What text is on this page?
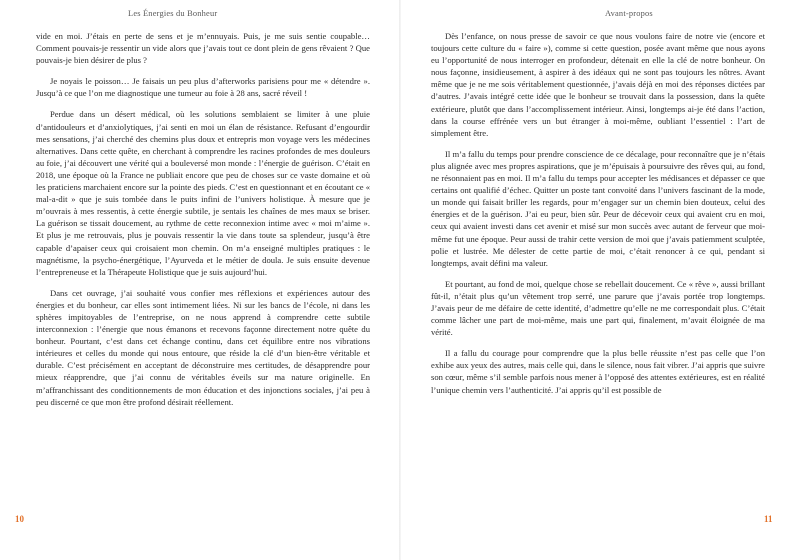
Les Énergies du Bonheur

vide en moi. J’étais en perte de sens et je m’ennuyais. Puis, je me suis sentie coupable… Comment pouvais-je ressentir un vide alors que j’avais tout ce dont plein de gens rêvaient ? Que pouvais-je bien désirer de plus ?

Je noyais le poisson… Je faisais un peu plus d’afterworks parisiens pour me « détendre ». Jusqu’à ce que l’on me diagnostique une tumeur au foie à 28 ans, sacré réveil !

Perdue dans un désert médical, où les solutions semblaient se limiter à une pluie d’antidouleurs et d’anxiolytiques, j’ai senti en moi un élan de résistance. Refusant d’engourdir mes sensations, j’ai cherché des chemins plus doux et entrepris mon voyage vers les médecines alternatives. Dans cette quête, en cherchant à comprendre les racines profondes de mes douleurs au foie, j’ai découvert une vérité qui a bouleversé mon monde : l’énergie de guérison. C’était en 2018, une époque où la France ne publiait encore que peu de choses sur ce vaste domaine et où les praticiens marchaient encore sur la pointe des pieds. C’est en questionnant et en écoutant ce « mal-a-dit » que je suis tombée dans le puits infini de l’univers holistique. À mesure que je m’ouvrais à mes ressentis, à cette énergie subtile, je sentais les chaînes de mes maux se briser. La guérison se tissait doucement, au rythme de cette reconnexion intime avec « moi m’aime ». Et plus je me retrouvais, plus je pouvais ressentir la vie dans toute sa splendeur, jusqu’à être capable d’apaiser ceux qui croisaient mon chemin. On m’a enseigné multiples pratiques : le magnétisme, la psycho-énergétique, l’Ayurveda et le métier de doula. Je suis ensuite devenue l’entrepreneuse et la Thérapeute Holistique que je suis aujourd’hui.

Dans cet ouvrage, j’ai souhaité vous confier mes réflexions et expériences autour des énergies et du bonheur, car elles sont intimement liées. Ni sur les bancs de l’école, ni dans les sphères impitoyables de l’entreprise, on ne nous apprend à comprendre cette subtile interconnexion : l’énergie que nous émanons et recevons façonne directement notre quête du bonheur. Pourtant, c’est dans cet échange continu, dans cet équilibre entre nos vibrations intérieures et celles du monde qui nous entoure, que réside la clé d’un bien-être véritable et durable. C’est précisément en acceptant de déconstruire mes certitudes, de désapprendre pour mieux réapprendre, que j’ai connu de véritables éveils sur ma nature originelle. En m’affranchissant des conditionnements de mon éducation et des injonctions sociales, j’ai peu à peu discerné ce que mon être profond désirait réellement.

10
Avant-propos

Dès l’enfance, on nous presse de savoir ce que nous voulons faire de notre vie (encore et toujours cette culture du « faire »), comme si cette question, posée avant même que nous ayons eu l’opportunité de nous interroger en profondeur, détenait en elle la clé de notre bonheur. On nous façonne, insidieusement, à aspirer à des idéaux qui ne sont pas toujours les nôtres. Avant même que je ne me sois véritablement questionnée, j’avais déjà en moi des réponses dictées par d’autres. J’avais intégré cette idée que le bonheur se trouvait dans la possession, dans la quête extérieure, plutôt que dans l’accomplissement intérieur. Ainsi, longtemps ai-je été dans l’action, dans la course effrénée vers un but étranger à moi-même, oubliant l’essentiel : l’art de simplement être.

Il m’a fallu du temps pour prendre conscience de ce décalage, pour reconnaître que je n’étais plus alignée avec mes propres aspirations, que je m’épuisais à poursuivre des rêves qui, au fond, ne résonnaient pas en moi. Il m’a fallu du temps pour accepter les médisances et dépasser ce que certains ont qualifié d’échec. Quitter un poste tant convoité dans l’univers fascinant de la mode, un monde qui faisait briller les regards, pour m’engager sur un chemin bien douteux, celui des énergies et de la guérison. J’ai eu peur, bien sûr. Peur de décevoir ceux qui avaient cru en moi, ceux qui avaient investi dans cet avenir et misé sur mon succès avec autant de ferveur que moi-même fut une époque. Peur aussi de trahir cette version de moi que j’avais patiemment sculptée, polie et lustrée. Me délester de cette partie de moi, c’était renoncer à ce qui, pendant si longtemps, avait défini ma valeur.

Et pourtant, au fond de moi, quelque chose se rebellait doucement. Ce « rêve », aussi brillant fût-il, n’était plus qu’un vêtement trop serré, une parure que j’avais portée trop longtemps. J’avais peur de me défaire de cette identité, d’admettre qu’elle ne me correspondait plus. C’était comme lâcher une part de moi-même, mais une part qui, finalement, m’avait éloignée de ma vérité.

Il a fallu du courage pour comprendre que la plus belle réussite n’est pas celle que l’on exhibe aux yeux des autres, mais celle qui, dans le silence, nous fait vibrer. J’ai appris que suivre son cœur, même s’il semble parfois nous mener à l’opposé des attentes extérieures, est en réalité l’unique chemin vers l’authenticité. J’ai appris qu’il est possible de

11
